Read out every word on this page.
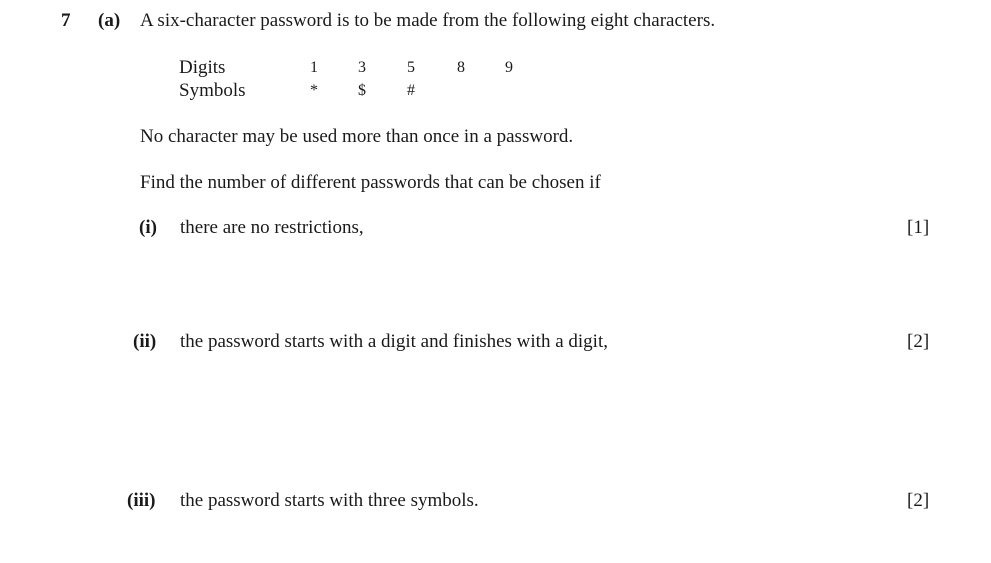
7 (a) A six-character password is to be made from the following eight characters.
Digits	1	3	5	8	9
Symbols	*	$	#
No character may be used more than once in a password.
Find the number of different passwords that can be chosen if
(i) there are no restrictions,	[1]
(ii) the password starts with a digit and finishes with a digit,	[2]
(iii) the password starts with three symbols.	[2]
